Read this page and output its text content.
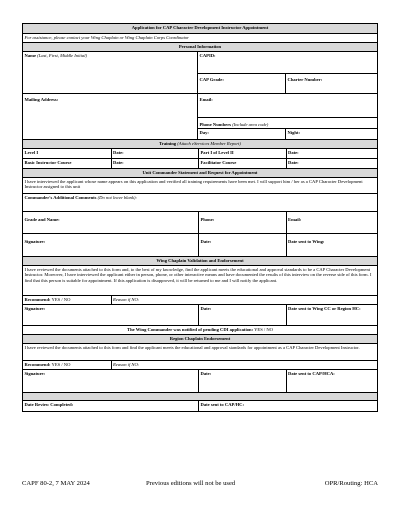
Application for CAP Character Development Instructor Appointment
For assistance, please contact your Wing Chaplain or Wing Chaplain Corps Coordinator
Personal Information
Name (Last, First, Middle Initial)	CAPID:
CAP Grade:	Charter Number:
Mailing Address:	Email:
Phone Numbers
(Include area code)
Day:	Night:
Training (Attach eServices Member Report)
Level I	Date:	Part I of Level II	Date:
Basic Instructor Course	Date:	Facilitator Course	Date:
Unit Commander Statement and Request for Appointment
I have interviewed the applicant whose name appears on this application and verified all training requirements have been met. I will support him / her as a CAP Character Development Instructor assigned to this unit
Commander's Additional Comments (Do not leave blank):
Grade and Name:	Phone:	Email:
Signature:	Date:	Date sent to Wing:
Wing Chaplain Validation and Endorsement
I have reviewed the documents attached to this form and, to the best of my knowledge, find the applicant meets the educational and approval standards to be a CAP Character Development Instructor. Moreover, I have interviewed the applicant either in person, phone, or other interactive means and have documented the results of this interview on the reverse side of this form. I find that this person is suitable for appointment. If this application is disapproved, it will be returned to me and I will notify the applicant.
Recommend: YES / NO	Reason if NO:
Signature:	Date:	Date sent to Wing CC or Region HC:
The Wing Commander was notified of pending CDI application: YES / NO
Region Chaplain Endorsement
I have reviewed the documents attached to this form and find the applicant meets the educational and approval standards for appointment as a CAP Character Development Instructor.
Recommend: YES / NO	Reason if NO:
Signature:	Date:	Date sent to CAP/HCA:
Date Review Completed:	Date sent to CAP/HC:
CAPF 80-2, 7 MAY 2024	Previous editions will not be used	OPR/Routing: HCA
